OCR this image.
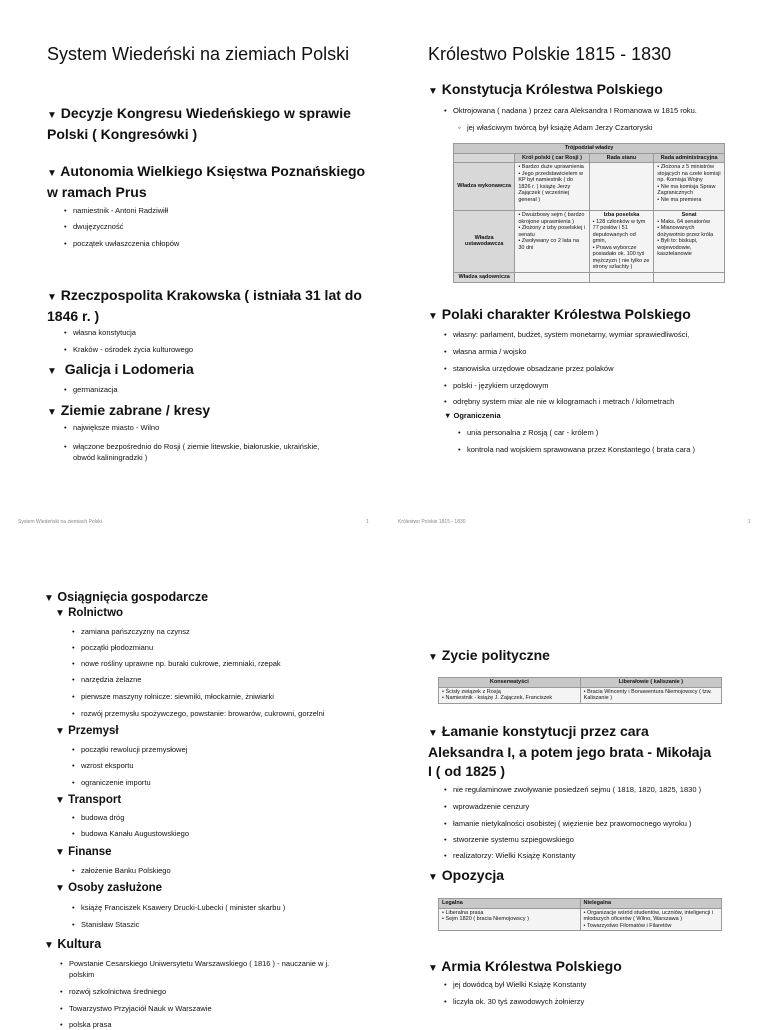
System Wiedeński na ziemiach Polski
▼ Decyzje Kongresu Wiedeńskiego w sprawie Polski ( Kongresówki )
▼ Autonomia Wielkiego Księstwa Poznańskiego w ramach Prus
• namiestnik - Antoni Radziwiłł
• dwujęzyczność
• początek uwłaszczenia chłopów
▼ Rzeczpospolita Krakowska ( istniała 31 lat do 1846 r. )
• własna konstytucja
• Kraków - ośrodek życia kulturowego
▼ Galicja i Lodomeria
• germanizacja
▼ Ziemie zabrane / kresy
• największe miasto - Wilno
• włączone bezpośrednio do Rosji ( ziemie litewskie, białoruskie, ukraińskie, obwód kaliningradzki )
System Wiedeński na ziemiach Polski	1
Królestwo Polskie 1815 - 1830
▼ Konstytucja Królestwa Polskiego
• Oktrojowana ( nadana ) przez cara Aleksandra I Romanowa w 1815 roku.
◦ jej właściwym twórcą był książę Adam Jerzy Czartoryski
Trójpodział władzy			
	Król polski ( car Rosji )	Rada stanu	Rada administracyjna
Władza wykonawcza	• Bardzo duże uprawnienia
• Jego przedstawicielem w KP był namiestnik ( do 1826 r. ) książę Jerzy Zajączek ( wcześniej generał )		• Złożona z 5 ministrów stojących na czele komisji np. Komisja Wojny
• Nie ma komisja Spraw Zagranicznych
• Nie ma premiera

Władza ustawodawcza	• Dwuizbowy sejm ( bardzo okrojone uprawnienia )
• Złożony z izby poselskiej i senatu
• Zwoływany co 2 lata na 30 dni	Izba poselska
• 128 członków w tym 77 posłów i 51 deputowanych od gmin,
• Prawa wyborcze posiadało ok. 100 tyś mężczyzn ( nie tylko ze strony szlachty )	Senat
• Maks. 64 senatorów
• Mianowanych dożywotnio przez króla
• Byli to: biskupi, wojewodowie, kasztelanowie

Władza sądownicza			
▼ Polaki charakter Królestwa Polskiego
• własny: parlament, budżet, system monetarny, wymiar sprawiedliwości,
• własna armia / wojsko
• stanowiska urzędowe obsadzane przez polaków
• polski - językiem urzędowym
• odrębny system miar ale nie w kilogramach i metrach / kilometrach
▼ Ograniczenia
• unia personalna z Rosją ( car - królem )
• kontrola nad wojskiem sprawowana przez Konstantego ( brata cara )
Królestwo Polskie 1815 - 1830	1
▼ Osiągnięcia gospodarcze
▼ Rolnictwo
• zamiana pańszczyzny na czynsz
• początki płodozmianu
• nowe rośliny uprawne np. buraki cukrowe, ziemniaki, rzepak
• narzędzia żelazne
• pierwsze maszyny rolnicze: siewniki, młockarnie, żniwiarki
• rozwój przemysłu spożywczego, powstanie: browarów, cukrowni, gorzelni
▼ Przemysł
• początki rewolucji przemysłowej
• wzrost eksportu
• ograniczenie importu
▼ Transport
• budowa dróg
• budowa Kanału Augustowskiego
▼ Finanse
• założenie Banku Polskiego
▼ Osoby zasłużone
• książę Franciszek Ksawery Drucki-Lubecki ( minister skarbu )
• Stanisław Staszic
▼ Kultura
• Powstanie Cesarskiego Uniwersytetu Warszawskiego ( 1816 ) - nauczanie w j. polskim
• rozwój szkolnictwa średniego
• Towarzystwo Przyjaciół Nauk w Warszawie
• polska prasa
▼ Zycie polityczne
Konserwatyści	Liberałowie ( kaliszanie )

• Ścisły związek z Rosją
• Namiestnik - książę J. Zajączek, Franciszek	• Bracia Wincenty i Bonawentura Niemojowscy ( tzw. Kaliszanie )
▼ Łamanie konstytucji przez cara Aleksandra I, a potem jego brata - Mikołaja I ( od 1825 )
• nie regulaminowe zwoływanie posiedzeń sejmu ( 1818, 1820, 1825, 1830 )
• wprowadzenie cenzury
• łamanie nietykalności osobistej ( więzienie bez prawomocnego wyroku )
• stworzenie systemu szpiegowskiego
• realizatorzy: Wielki Książę Konstanty
▼ Opozycja
Legalna	Nielegalna

• Liberalna prasa
• Sejm 1820 ( bracia Niemojowscy )	• Organizacje wśród studentów, uczniów, inteligencji i młodszych oficerów ( Wilno, Warszawa )
• Towarzystwo Filomatów i Filaretów
▼ Armia Królestwa Polskiego
• jej dowódcą był Wielki Książę Konstanty
• liczyła ok. 30 tyś zawodowych żołnierzy
